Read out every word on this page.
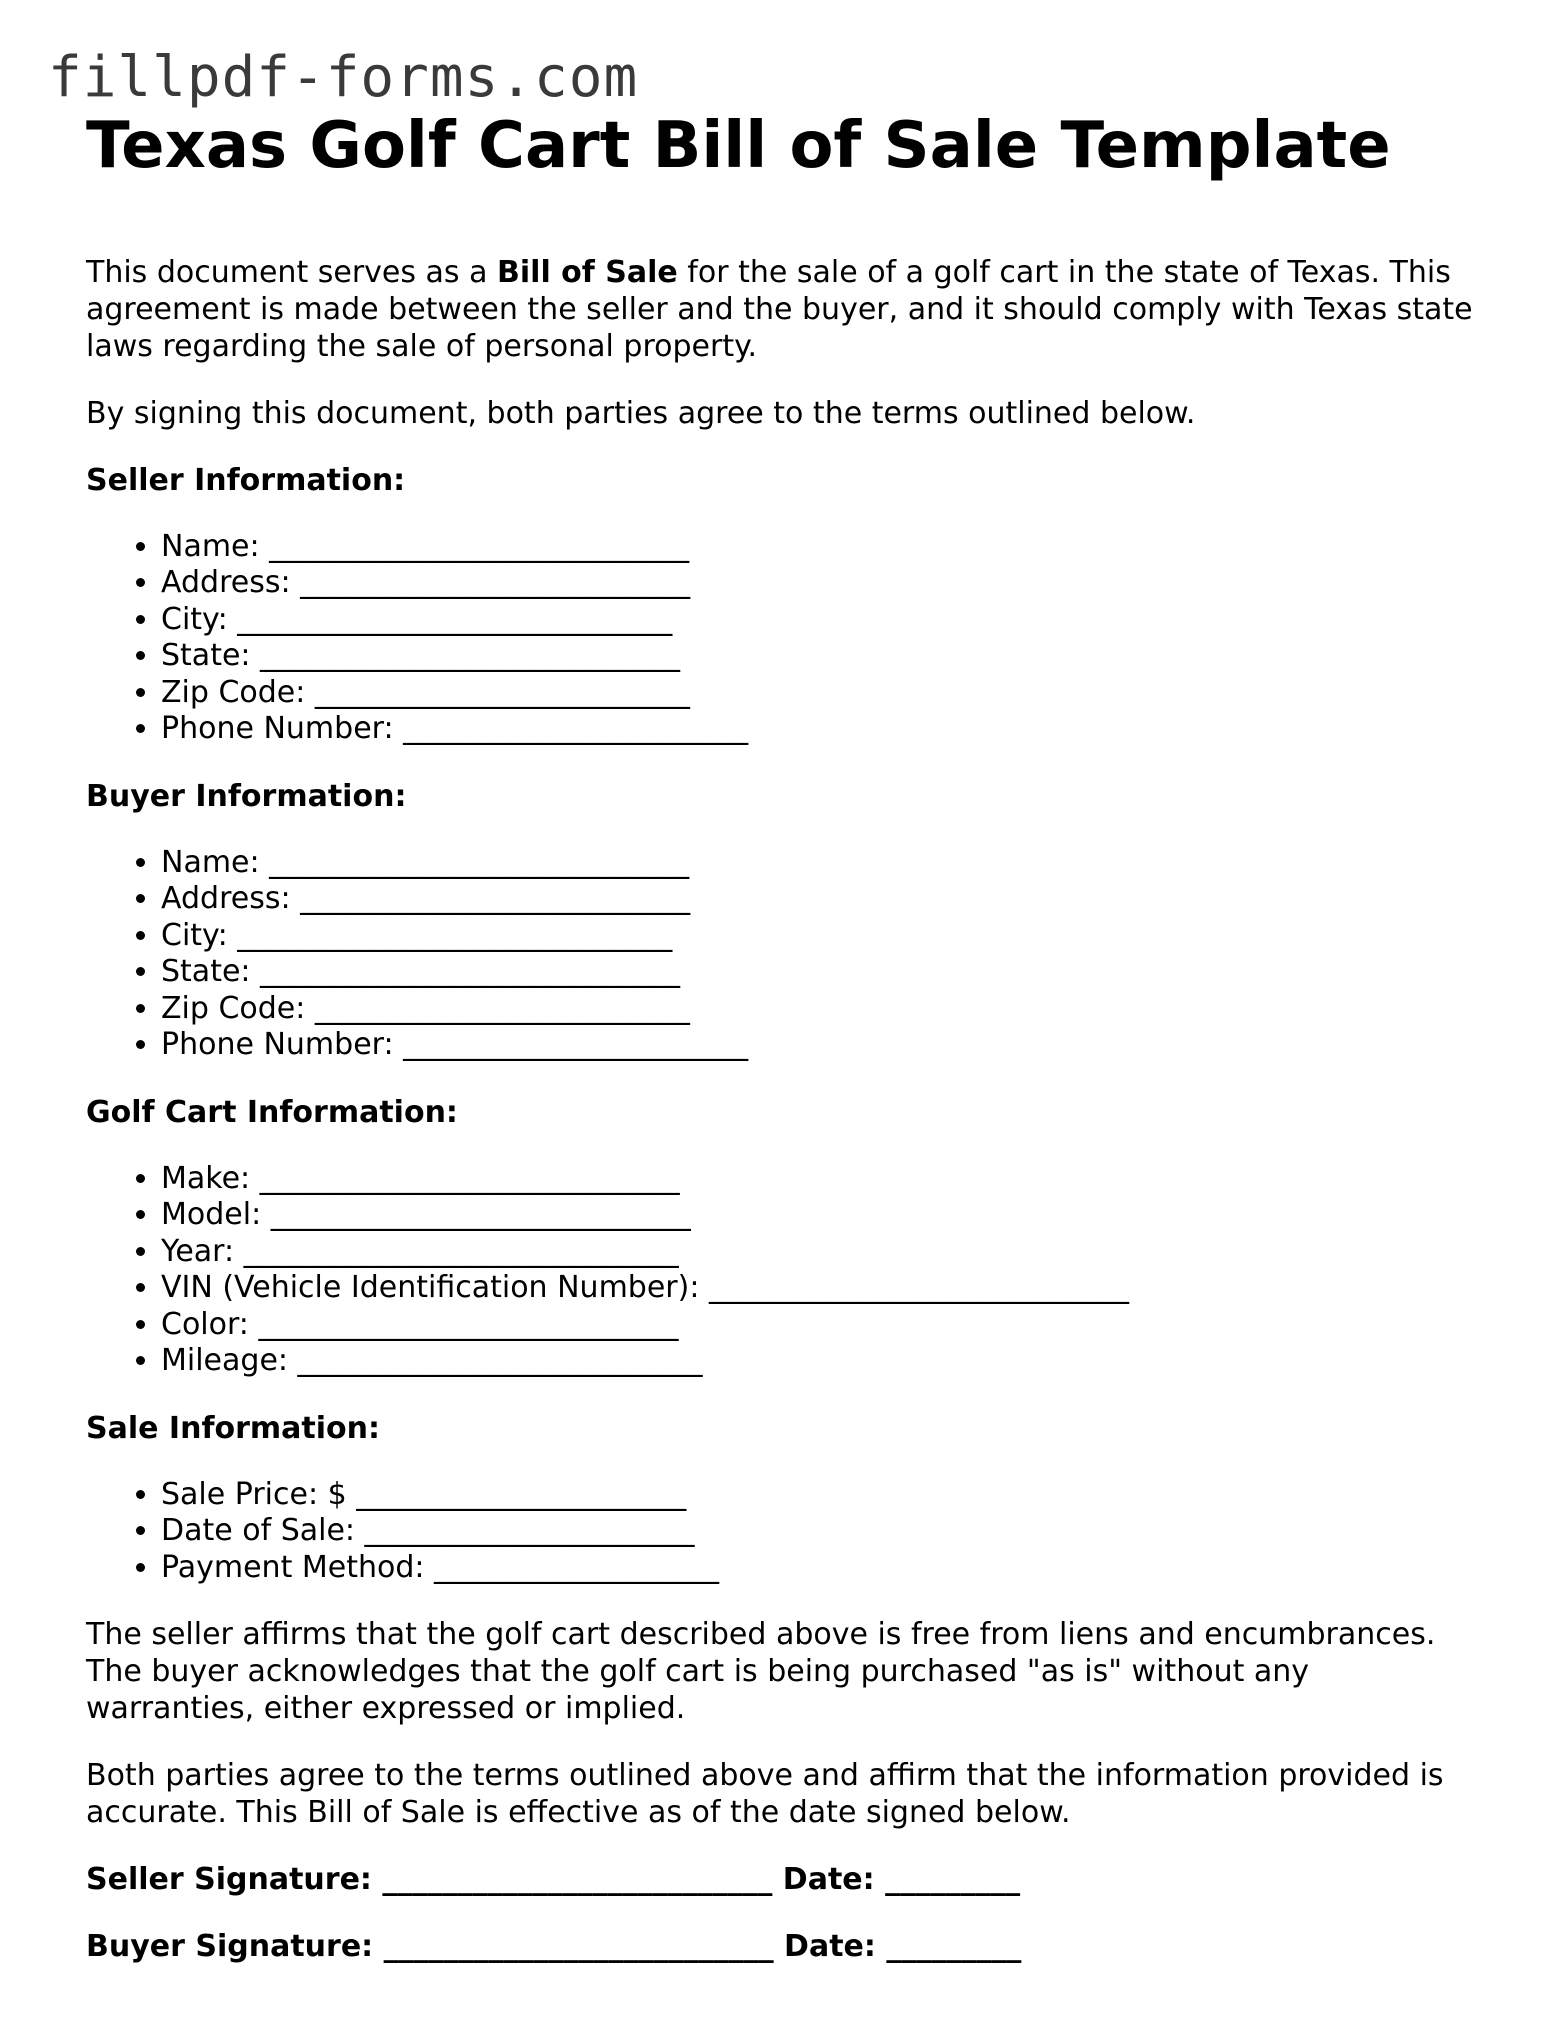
fillpdf-forms.com
Texas Golf Cart Bill of Sale Template

This document serves as a Bill of Sale for the sale of a golf cart in the state of Texas. This agreement is made between the seller and the buyer, and it should comply with Texas state laws regarding the sale of personal property.

By signing this document, both parties agree to the terms outlined below.

Seller Information:

• Name: ____________________________
• Address: __________________________
• City: _____________________________
• State: ____________________________
• Zip Code: _________________________
• Phone Number: _______________________

Buyer Information:

• Name: ____________________________
• Address: __________________________
• City: _____________________________
• State: ____________________________
• Zip Code: _________________________
• Phone Number: _______________________

Golf Cart Information:

• Make: ____________________________
• Model: ____________________________
• Year: _____________________________
• VIN (Vehicle Identification Number): ____________________________
• Color: ____________________________
• Mileage: ___________________________

Sale Information:

• Sale Price: $ ______________________
• Date of Sale: ______________________
• Payment Method: ___________________

The seller affirms that the golf cart described above is free from liens and encumbrances. The buyer acknowledges that the golf cart is being purchased "as is" without any warranties, either expressed or implied.

Both parties agree to the terms outlined above and affirm that the information provided is accurate. This Bill of Sale is effective as of the date signed below.

Seller Signature: __________________________ Date: _________

Buyer Signature: __________________________ Date: _________
